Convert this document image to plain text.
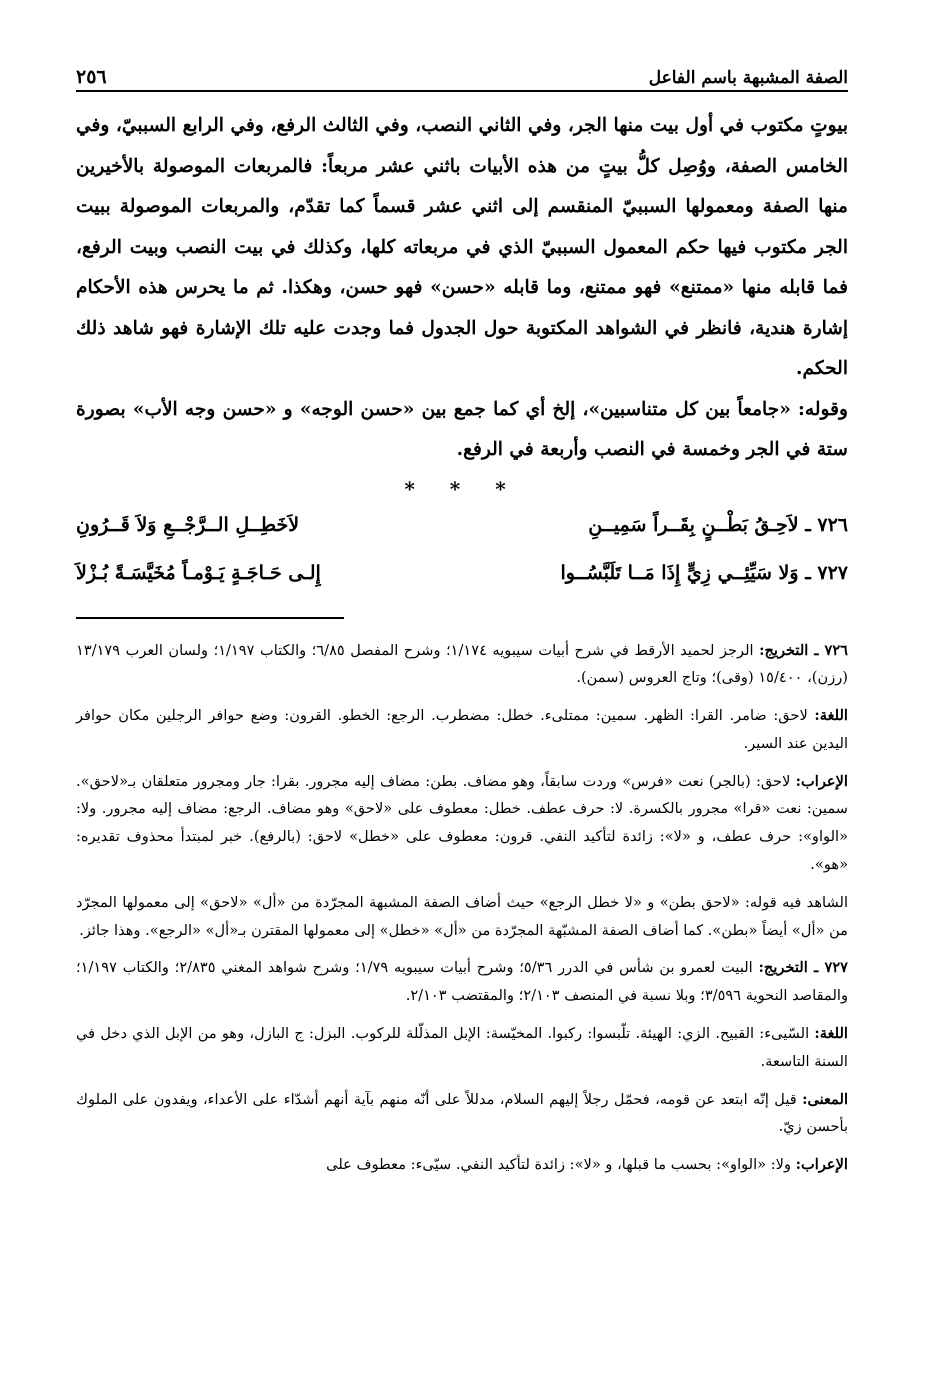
الصفة المشبهة باسم الفاعل
٢٥٦

بيوتٍ مكتوب في أول بيت منها الجر، وفي الثاني النصب، وفي الثالث الرفع، وفي الرابع السببيّ، وفي الخامس الصفة، ووُصِل كلُّ بيتٍ من هذه الأبيات باثني عشر مربعاً: فالمربعات الموصولة بالأخيرين منها الصفة ومعمولها السببيّ المنقسم إلى اثني عشر قسماً كما تقدّم، والمربعات الموصولة ببيت الجر مكتوب فيها حكم المعمول السببيّ الذي في مربعاته كلها، وكذلك في بيت النصب وبيت الرفع، فما قابله منها «ممتنع» فهو ممتنع، وما قابله «حسن» فهو حسن، وهكذا. ثم ما يحرس هذه الأحكام إشارة هندية، فانظر في الشواهد المكتوبة حول الجدول فما وجدت عليه تلك الإشارة فهو شاهد ذلك الحكم.

وقوله: «جامعاً بين كل متناسبين»، إلخ أي كما جمع بين «حسن الوجه» و «حسن وجه الأب» بصورة ستة في الجر وخمسة في النصب وأربعة في الرفع.

* * *
٧٢٦ ـ لاَحِـقُ بَطْــنٍ بِقَــراً سَمِيــنِ
لاَخَطِــلِ الــرَّجْــعِ وَلاَ قَــرُونِ
٧٢٧ ـ وَلا سَيِّئِــي زِيٍّ إِذَا مَــا تَلَبَّسُــوا
إِلـى حَـاجَـةٍ يَـوْمـاً مُخَيَّسَـةً بُـزْلاَ

٧٢٦ ـ التخريج: الرجز لحميد الأرقط في شرح أبيات سيبويه ١/١٧٤؛ وشرح المفصل ٦/٨٥؛ والكتاب ١/١٩٧؛ ولسان العرب ١٣/١٧٩ (رزن)، ١٥/٤٠٠ (وقى)؛ وتاج العروس (سمن).

اللغة: لاحق: ضامر. القرا: الظهر. سمين: ممتلىء. خطل: مضطرب. الرجع: الخطو. القرون: وضع حوافر الرجلين مكان حوافر اليدين عند السير.

الإعراب: لاحق: (بالجر) نعت «فرس» وردت سابقاً، وهو مضاف. بطن: مضاف إليه مجرور. بقرا: جار ومجرور متعلقان بـ«لاحق». سمين: نعت «قرا» مجرور بالكسرة. لا: حرف عطف. خطل: معطوف على «لاحق» وهو مضاف. الرجع: مضاف إليه مجرور. ولا: «الواو»: حرف عطف، و «لا»: زائدة لتأكيد النفي. قرون: معطوف على «خطل» لاحق: (بالرفع). خبر لمبتدأ محذوف تقديره: «هو».

الشاهد فيه قوله: «لاحق بطن» و «لا خطل الرجع» حيث أضاف الصفة المشبهة المجرّدة من «أل» «لاحق» إلى معمولها المجرّد من «أل» أيضاً «بطن». كما أضاف الصفة المشبّهة المجرّدة من «أل» «خطل» إلى معمولها المقترن بـ«أل» «الرجع». وهذا جائز.

٧٢٧ ـ التخريج: البيت لعمرو بن شأس في الدرر ٥/٣٦؛ وشرح أبيات سيبويه ١/٧٩؛ وشرح شواهد المغني ٢/٨٣٥؛ والكتاب ١/١٩٧؛ والمقاصد النحوية ٣/٥٩٦؛ وبلا نسبة في المنصف ٢/١٠٣؛ والمقتضب ٢/١٠٣.

اللغة: السّيىء: القبيح. الزي: الهيئة. تلّبسوا: ركبوا. المخيّسة: الإبل المذلّلة للركوب. البزل: ج البازل، وهو من الإبل الذي دخل في السنة التاسعة.

المعنى: قيل إنّه ابتعد عن قومه، فحمّل رجلاً إليهم السلام، مدللاً على أنّه منهم بآية أنهم أشدّاء على الأعداء، ويفدون على الملوك بأحسن زيّ.

الإعراب: ولا: «الواو»: بحسب ما قبلها، و «لا»: زائدة لتأكيد النفي. سيّىء: معطوف على
